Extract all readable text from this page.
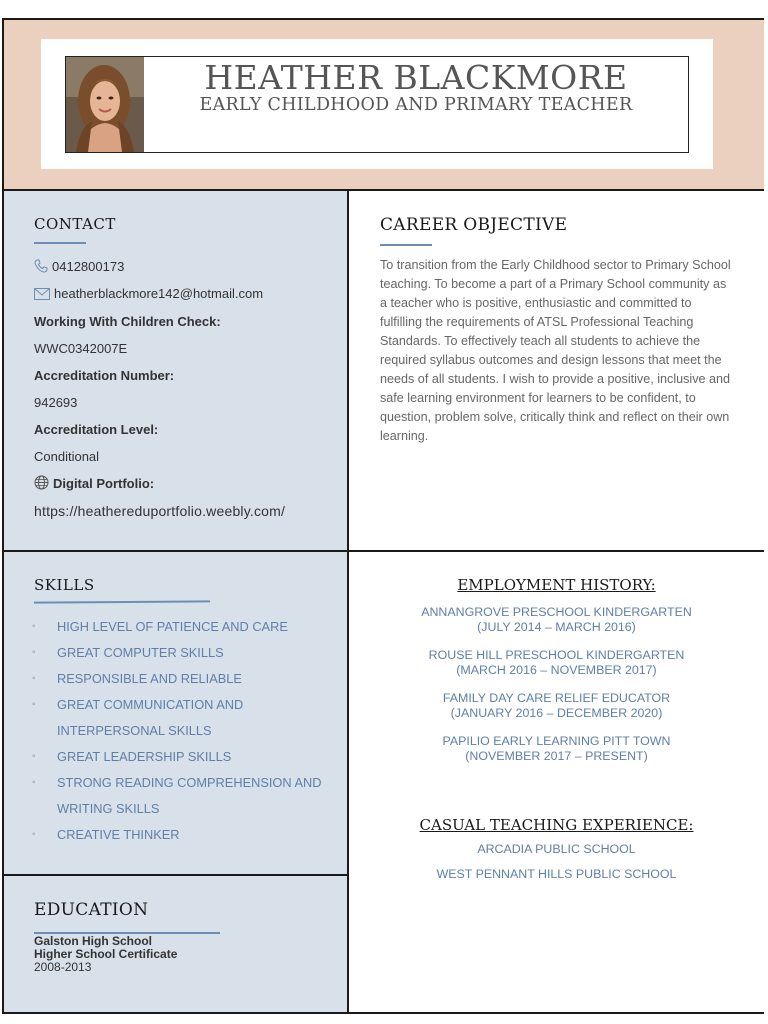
HEATHER BLACKMORE
EARLY CHILDHOOD AND PRIMARY TEACHER
CONTACT
0412800173
heatherblackmore142@hotmail.com
Working With Children Check:
WWC0342007E
Accreditation Number:
942693
Accreditation Level:
Conditional
Digital Portfolio:
https://heathereduportfolio.weebly.com/
CAREER OBJECTIVE
To transition from the Early Childhood sector to Primary School teaching. To become a part of a Primary School community as a teacher who is positive, enthusiastic and committed to fulfilling the requirements of ATSL Professional Teaching Standards. To effectively teach all students to achieve the required syllabus outcomes and design lessons that meet the needs of all students. I wish to provide a positive, inclusive and safe learning environment for learners to be confident, to question, problem solve, critically think and reflect on their own learning.
SKILLS
◦ HIGH LEVEL OF PATIENCE AND CARE
◦ GREAT COMPUTER SKILLS
◦ RESPONSIBLE AND RELIABLE
◦ GREAT COMMUNICATION AND INTERPERSONAL SKILLS
◦ GREAT LEADERSHIP SKILLS
◦ STRONG READING COMPREHENSION AND WRITING SKILLS
◦ CREATIVE THINKER
EDUCATION
Galston High School
Higher School Certificate
2008-2013
EMPLOYMENT HISTORY:
ANNANGROVE PRESCHOOL KINDERGARTEN
(JULY 2014 – MARCH 2016)
ROUSE HILL PRESCHOOL KINDERGARTEN
(MARCH 2016 – NOVEMBER 2017)
FAMILY DAY CARE RELIEF EDUCATOR
(JANUARY 2016 – DECEMBER 2020)
PAPILIO EARLY LEARNING PITT TOWN
(NOVEMBER 2017 – PRESENT)
CASUAL TEACHING EXPERIENCE:
ARCADIA PUBLIC SCHOOL
WEST PENNANT HILLS PUBLIC SCHOOL
